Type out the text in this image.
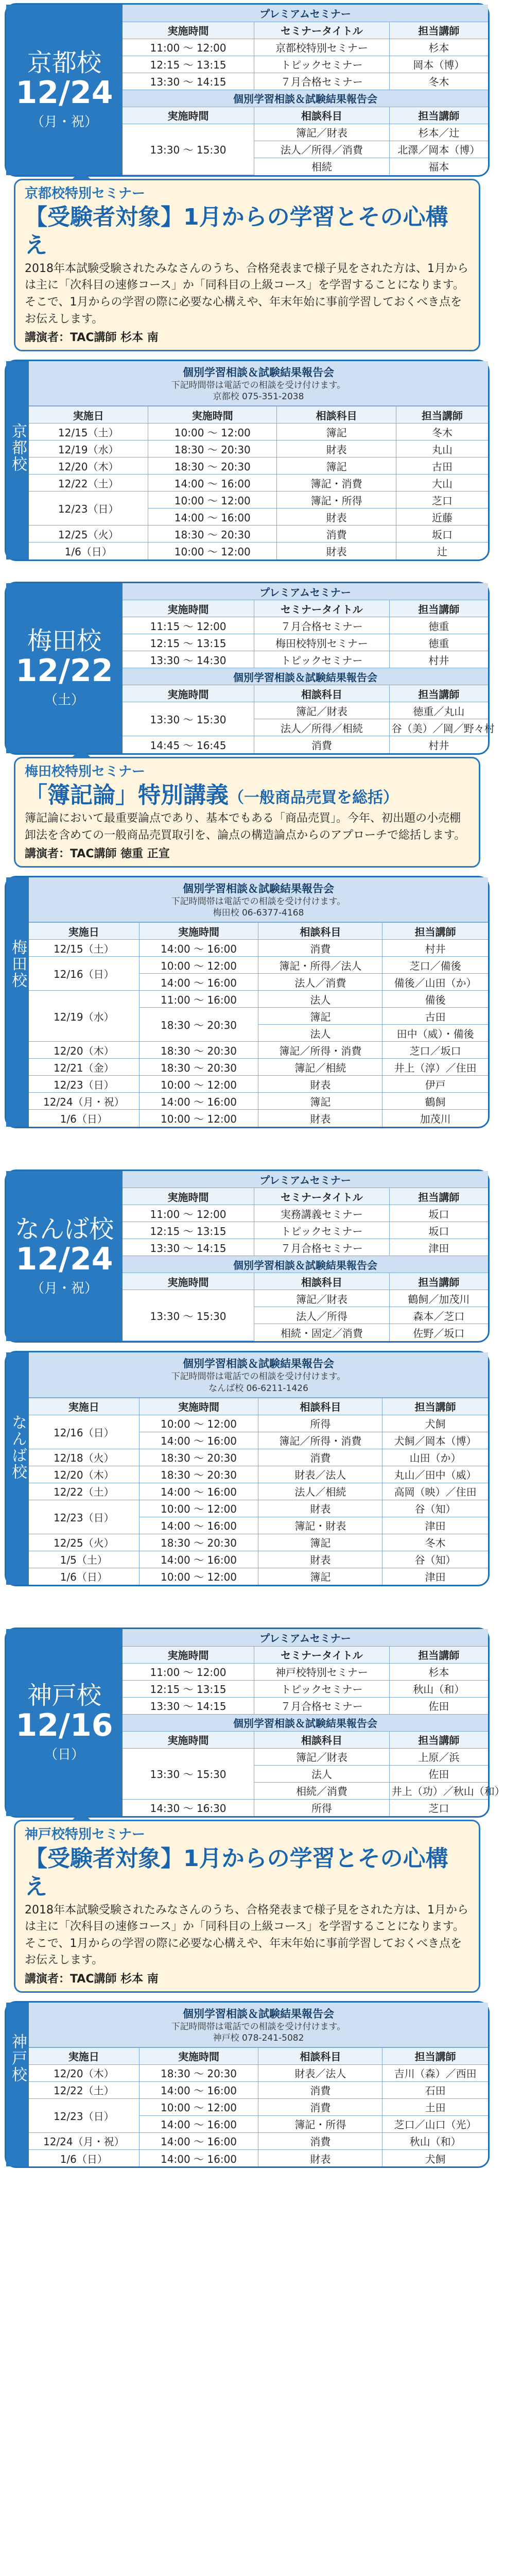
京都校
12/24
（月・祝）
プレミアムセミナー		
実施時間	セミナータイトル	担当講師
11:00 ～ 12:00	京都校特別セミナー	杉本
12:15 ～ 13:15	トピックセミナー	岡本（博）
13:30 ～ 14:15	７月合格セミナー	冬木
個別学習相談＆試験結果報告会		
実施時間	相談科目	担当講師
13:30 ～ 15:30	簿記／財表	杉本／辻
	法人／所得／消費	北澤／岡本（博）
	相続	福本
京都校特別セミナー
【受験者対象】1月からの学習とその心構え
2018年本試験受験されたみなさんのうち、合格発表まで様子見をされた方は、1月からは主に「次科目の速修コース」か「同科目の上級コース」を学習することになります。そこで、1月からの学習の際に必要な心構えや、年末年始に事前学習しておくべき点をお伝えします。
講演者：TAC講師 杉本 南
京都校
個別学習相談＆試験結果報告会
下記時間帯は電話での相談を受け付けます。
京都校 075-351-2038
実施日	実施時間	相談科目	担当講師
12/15（土）	10:00 ～ 12:00	簿記	冬木
12/19（水）	18:30 ～ 20:30	財表	丸山
12/20（木）	18:30 ～ 20:30	簿記	古田
12/22（土）	14:00 ～ 16:00	簿記・消費	大山
12/23（日）	10:00 ～ 12:00	簿記・所得	芝口
	14:00 ～ 16:00	財表	近藤
12/25（火）	18:30 ～ 20:30	消費	坂口
1/6（日）	10:00 ～ 12:00	財表	辻
梅田校
12/22
（土）
プレミアムセミナー		
実施時間	セミナータイトル	担当講師
11:15 ～ 12:00	７月合格セミナー	徳重
12:15 ～ 13:15	梅田校特別セミナー	徳重
13:30 ～ 14:30	トピックセミナー	村井
個別学習相談＆試験結果報告会		
実施時間	相談科目	担当講師
13:30 ～ 15:30	簿記／財表	徳重／丸山
	法人／所得／相続	谷（美）／岡／野々村
14:45 ～ 16:45	消費	村井
梅田校特別セミナー
「簿記論」特別講義（一般商品売買を総括）
簿記論において最重要論点であり、基本でもある「商品売買」。今年、初出題の小売棚卸法を含めての一般商品売買取引を、論点の構造論点からのアプローチで総括します。
講演者：TAC講師 徳重 正宣
梅田校
個別学習相談＆試験結果報告会
下記時間帯は電話での相談を受け付けます。
梅田校 06-6377-4168
実施日	実施時間	相談科目	担当講師
12/15（土）	14:00 ～ 16:00	消費	村井
12/16（日）	10:00 ～ 12:00	簿記・所得／法人	芝口／備後
	14:00 ～ 16:00	法人／消費	備後／山田（か）
12/19（水）	11:00 ～ 16:00	法人	備後
	18:30 ～ 20:30	簿記	古田
		法人	田中（威）・備後
12/20（木）	18:30 ～ 20:30	簿記／所得・消費	芝口／坂口
12/21（金）	18:30 ～ 20:30	簿記／相続	井上（淳）／住田
12/23（日）	10:00 ～ 12:00	財表	伊戸
12/24（月・祝）	14:00 ～ 16:00	簿記	鶴飼
1/6（日）	10:00 ～ 12:00	財表	加茂川
なんば校
12/24
（月・祝）
プレミアムセミナー		
実施時間	セミナータイトル	担当講師
11:00 ～ 12:00	実務講義セミナー	坂口
12:15 ～ 13:15	トピックセミナー	坂口
13:30 ～ 14:15	７月合格セミナー	津田
個別学習相談＆試験結果報告会		
実施時間	相談科目	担当講師
13:30 ～ 15:30	簿記／財表	鶴飼／加茂川
	法人／所得	森本／芝口
	相続・固定／消費	佐野／坂口
なんば校
個別学習相談＆試験結果報告会
下記時間帯は電話での相談を受け付けます。
なんば校 06-6211-1426
実施日	実施時間	相談科目	担当講師
12/16（日）	10:00 ～ 12:00	所得	犬飼
	14:00 ～ 16:00	簿記／所得・消費	犬飼／岡本（博）
12/18（火）	18:30 ～ 20:30	消費	山田（か）
12/20（木）	18:30 ～ 20:30	財表／法人	丸山／田中（威）
12/22（土）	14:00 ～ 16:00	法人／相続	高岡（映）／住田
12/23（日）	10:00 ～ 12:00	財表	谷（知）
	14:00 ～ 16:00	簿記・財表	津田
12/25（火）	18:30 ～ 20:30	簿記	冬木
1/5（土）	14:00 ～ 16:00	財表	谷（知）
1/6（日）	10:00 ～ 12:00	簿記	津田
神戸校
12/16
（日）
プレミアムセミナー		
実施時間	セミナータイトル	担当講師
11:00 ～ 12:00	神戸校特別セミナー	杉本
12:15 ～ 13:15	トピックセミナー	秋山（和）
13:30 ～ 14:15	７月合格セミナー	佐田
個別学習相談＆試験結果報告会		
実施時間	相談科目	担当講師
13:30 ～ 15:30	簿記／財表	上原／浜
	法人	佐田
	相続／消費	井上（功）／秋山（和）
14:30 ～ 16:30	所得	芝口
神戸校特別セミナー
【受験者対象】1月からの学習とその心構え
2018年本試験受験されたみなさんのうち、合格発表まで様子見をされた方は、1月からは主に「次科目の速修コース」か「同科目の上級コース」を学習することになります。そこで、1月からの学習の際に必要な心構えや、年末年始に事前学習しておくべき点をお伝えします。
講演者：TAC講師 杉本 南
神戸校
個別学習相談＆試験結果報告会
下記時間帯は電話での相談を受け付けます。
神戸校 078-241-5082
実施日	実施時間	相談科目	担当講師
12/20（木）	18:30 ～ 20:30	財表／法人	吉川（森）／西田
12/22（土）	14:00 ～ 16:00	消費	石田
12/23（日）	10:00 ～ 12:00	消費	土田
	14:00 ～ 16:00	簿記・所得	芝口／山口（光）
12/24（月・祝）	14:00 ～ 16:00	消費	秋山（和）
1/6（日）	14:00 ～ 16:00	財表	犬飼
